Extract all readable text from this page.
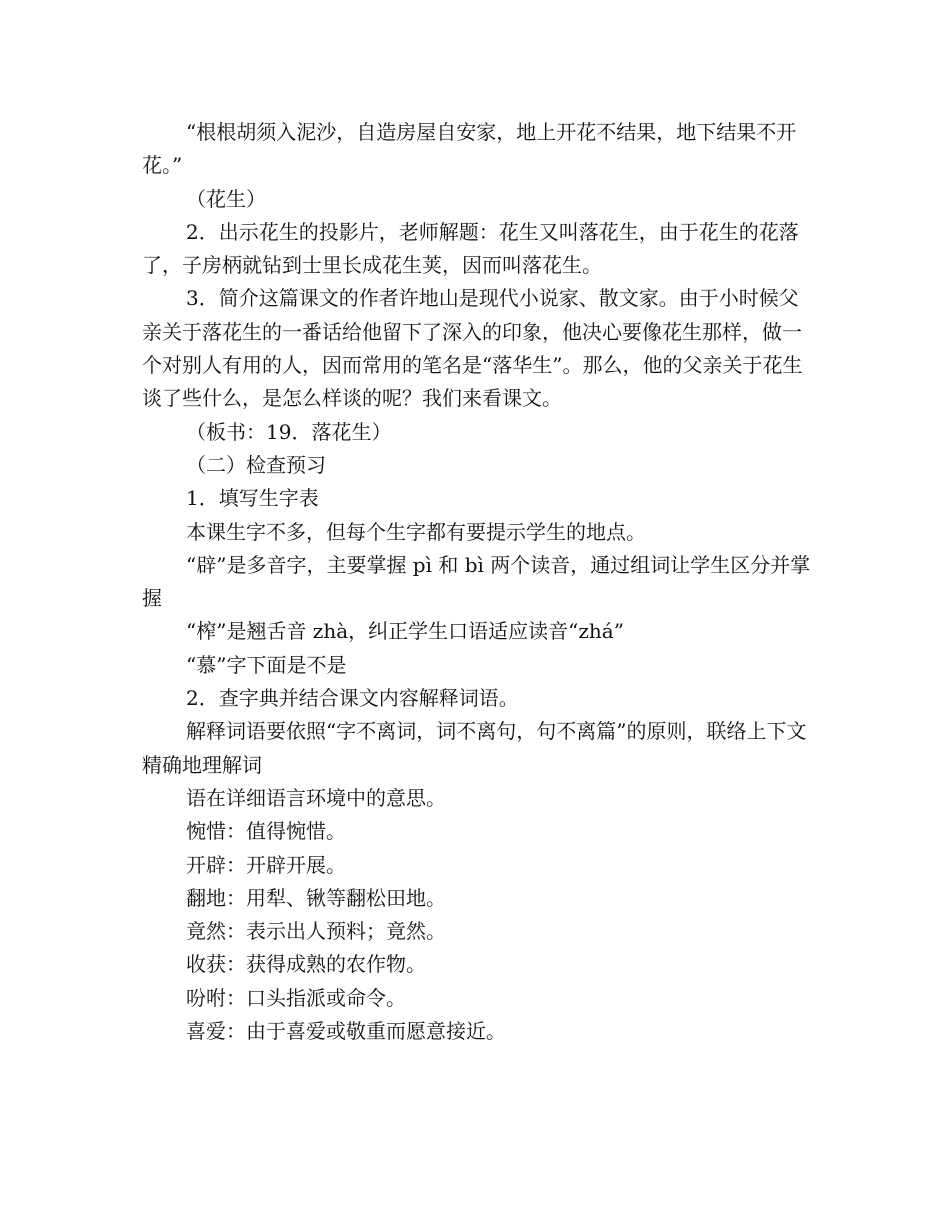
“根根胡须入泥沙，自造房屋自安家，地上开花不结果，地下结果不开花。”

（花生）

2．出示花生的投影片，老师解题：花生又叫落花生，由于花生的花落了，子房柄就钻到士里长成花生荚，因而叫落花生。

3．简介这篇课文的作者许地山是现代小说家、散文家。由于小时候父亲关于落花生的一番话给他留下了深入的印象，他决心要像花生那样，做一个对别人有用的人，因而常用的笔名是“落华生”。那么，他的父亲关于花生谈了些什么，是怎么样谈的呢？我们来看课文。

（板书：19．落花生）

（二）检查预习

1．填写生字表

本课生字不多，但每个生字都有要提示学生的地点。

“辟”是多音字，主要掌握 pì 和 bì 两个读音，通过组词让学生区分并掌握

“榨”是翘舌音 zhà，纠正学生口语适应读音“zhá”

“慕”字下面是不是

2．查字典并结合课文内容解释词语。

解释词语要依照“字不离词，词不离句，句不离篇”的原则，联络上下文精确地理解词

语在详细语言环境中的意思。

惋惜：值得惋惜。

开辟：开辟开展。

翻地：用犁、锹等翻松田地。

竟然：表示出人预料；竟然。

收获：获得成熟的农作物。

吩咐：口头指派或命令。

喜爱：由于喜爱或敬重而愿意接近。
